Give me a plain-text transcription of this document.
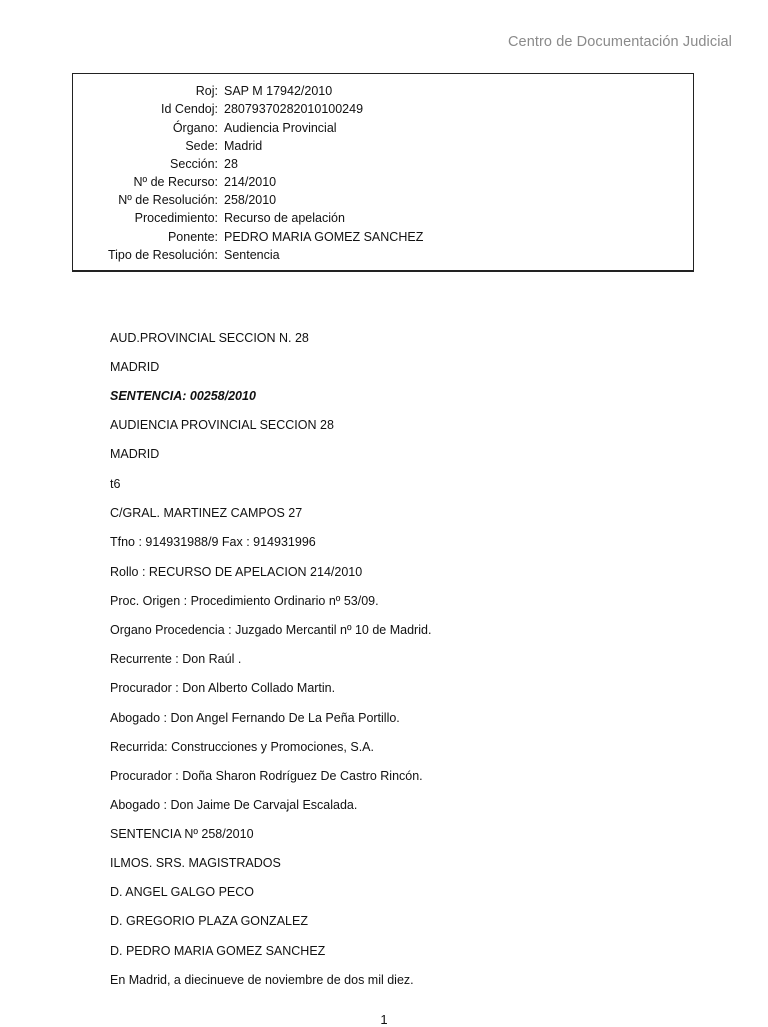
Centro de Documentación Judicial
Roj: SAP M 17942/2010
Id Cendoj: 28079370282010100249
Órgano: Audiencia Provincial
Sede: Madrid
Sección: 28
Nº de Recurso: 214/2010
Nº de Resolución: 258/2010
Procedimiento: Recurso de apelación
Ponente: PEDRO MARIA GOMEZ SANCHEZ
Tipo de Resolución: Sentencia
AUD.PROVINCIAL SECCION N. 28
MADRID
SENTENCIA: 00258/2010
AUDIENCIA PROVINCIAL SECCION 28
MADRID
t6
C/GRAL. MARTINEZ CAMPOS 27
Tfno : 914931988/9 Fax : 914931996
Rollo : RECURSO DE APELACION 214/2010
Proc. Origen : Procedimiento Ordinario nº 53/09.
Organo Procedencia : Juzgado Mercantil nº 10 de Madrid.
Recurrente : Don Raúl .
Procurador : Don Alberto Collado Martin.
Abogado : Don Angel Fernando De La Peña Portillo.
Recurrida: Construcciones y Promociones, S.A.
Procurador : Doña Sharon Rodríguez De Castro Rincón.
Abogado : Don Jaime De Carvajal Escalada.
SENTENCIA Nº 258/2010
ILMOS. SRS. MAGISTRADOS
D. ANGEL GALGO PECO
D. GREGORIO PLAZA GONZALEZ
D. PEDRO MARIA GOMEZ SANCHEZ
En Madrid, a diecinueve de noviembre de dos mil diez.
1
